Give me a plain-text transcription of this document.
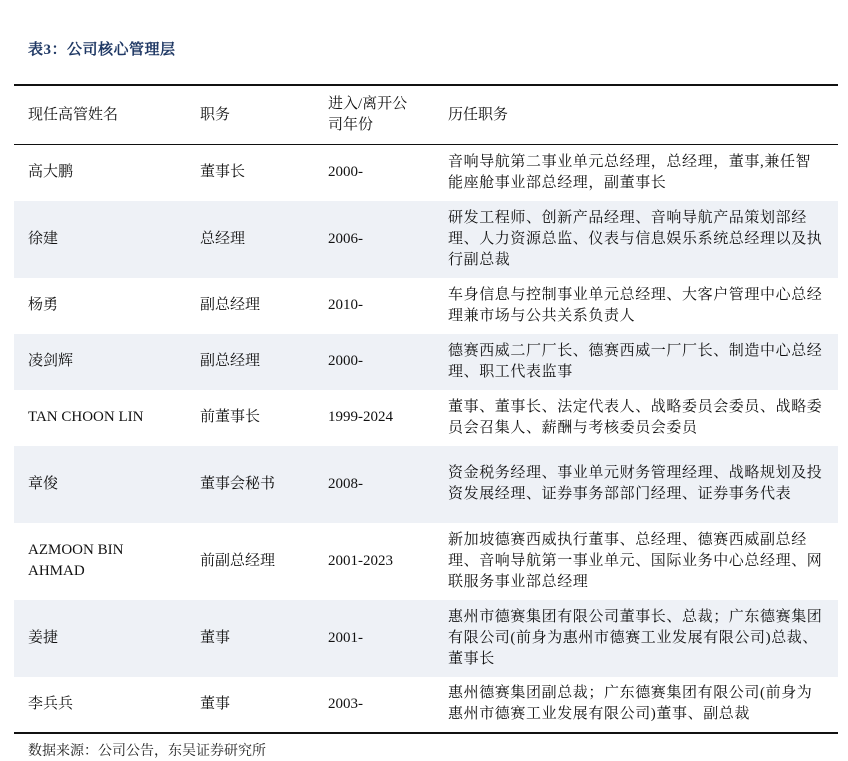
表3：公司核心管理层
现任高管姓名	职务	进入/离开公司年份	历任职务
高大鹏	董事长	2000-	音响导航第二事业单元总经理，总经理，董事,兼任智能座舱事业部总经理，副董事长
徐建	总经理	2006-	研发工程师、创新产品经理、音响导航产品策划部经理、人力资源总监、仪表与信息娱乐系统总经理以及执行副总裁
杨勇	副总经理	2010-	车身信息与控制事业单元总经理、大客户管理中心总经理兼市场与公共关系负责人
凌剑辉	副总经理	2000-	德赛西威二厂厂长、德赛西威一厂厂长、制造中心总经理、职工代表监事
TAN CHOON LIN	前董事长	1999-2024	董事、董事长、法定代表人、战略委员会委员、战略委员会召集人、薪酬与考核委员会委员
章俊	董事会秘书	2008-	资金税务经理、事业单元财务管理经理、战略规划及投资发展经理、证券事务部部门经理、证券事务代表
AZMOON BIN AHMAD	前副总经理	2001-2023	新加坡德赛西威执行董事、总经理、德赛西威副总经理、音响导航第一事业单元、国际业务中心总经理、网联服务事业部总经理
姜捷	董事	2001-	惠州市德赛集团有限公司董事长、总裁；广东德赛集团有限公司(前身为惠州市德赛工业发展有限公司)总裁、董事长
李兵兵	董事	2003-	惠州德赛集团副总裁；广东德赛集团有限公司(前身为惠州市德赛工业发展有限公司)董事、副总裁
数据来源：公司公告，东吴证券研究所
